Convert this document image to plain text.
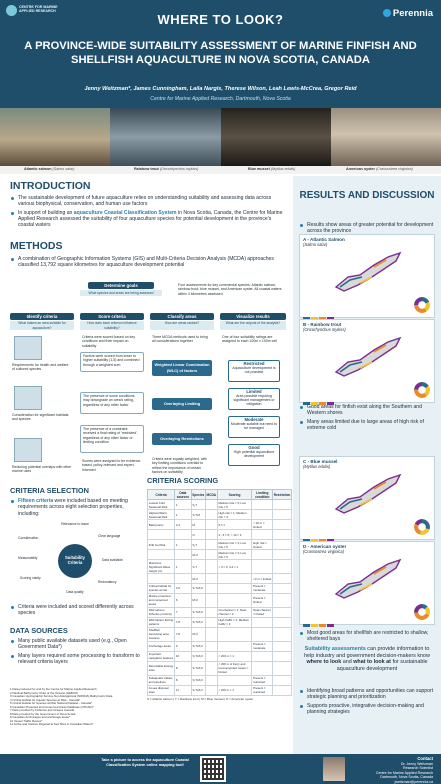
CENTRE FOR MARINE APPLIED RESEARCH
WHERE TO LOOK?	Perennia
A PROVINCE-WIDE SUITABILITY ASSESSMENT OF MARINE FINFISH AND SHELLFISH AQUACULTURE IN NOVA SCOTIA, CANADA
Jenny Weitzman*, James Cunningham, Laila Nargis, Therese Wilson, Leah Lewis-McCrea, Gregor Reid
Centre for Marine Applied Research, Dartmouth, Nova Scotia
Atlantic salmon (Salmo salar)	Rainbow trout (Oncorhynchus mykiss)	Blue mussel (Mytilus edulis)	American oyster (Crassostrea virginica)
INTRODUCTION
The sustainable development of future aquaculture relies on understanding suitability and assessing data across various biophysical, conservation, and human use factors
In support of building an aquaculture Coastal Classification System in Nova Scotia, Canada, the Centre for Marine Applied Research assessed the suitability of four aquaculture species for potential development in the province's coastal waters
METHODS
A combination of Geographic Information Systems (GIS) and Multi-Criteria Decision Analysis (MCDA) approaches classified 13,792 square kilometres for aquaculture development potential
Determine goals
What species and areas are being assessed
Four assessments for key commercial species: Atlantic salmon, rainbow trout, blue mussel, and American oyster. All coastal waters within 3 kilometres assessed
Identify criteria
What makes an area suitable for aquaculture?
Score criteria
How does each criterion influence suitability?
Classify areas
How are areas ranked?
Visualize results
What are the outputs of the analysis?
Requirements for health and welfare of cultured species
Consideration for significant habitats and species
Reducing potential overlaps with other marine uses
Criteria were scored based on key conditions and their impact on suitability
Factors were scored from lower to higher suitability (1-5) and combined through a weighted sum
The presence of some conditions may downgrade an area's rating, regardless of any other factor
The presence of a constraint received a final rating of 'restricted', regardless of any other factor or limiting condition
Scores were assigned to be evidence-based, policy-relevant and expert-informed
Three MCDA methods used to bring all considerations together
Weighted Linear Combination (WLC) of factors
Overlaying Limiting Conditions
Overlaying Restrictions
Criteria were equally weighted, with key limiting conditions overlaid to reflect the importance of certain factors on suitability
One of four suitability ratings are assigned to each 100m x 100m cell
Restricted
Aquaculture development is not possible
Limited
Area possible requiring significant management or mitigation
Moderate
Moderate suitable but need to be managed
Good
High potential aquaculture development
CRITERIA SELECTION
Fifteen criteria were included based on meeting requirements across eight selection properties, including:
Suitability Criteria
Relevance to issue
Clear language
Data available
Measurability
Scoring clarity
Redundancy
Data quality
Consideration
Criteria were included and scored differently across species
DATA SOURCES
Many public available datasets used (e.g., Open Government Data*)
Many layers required some processing to transform to relevant criteria layers
1 Data produced for and by the Centre for Marine Applied Research
2 Nautical Bathymetry Chart of the Oceans (GEBCO)
3 Canadian Hydrographic Service Non-Navigational (NONNA) Bathymetric Data
4 Critical Habitat for Aquatic Species at Risk - Canada*
5 Critical Habitat for Species at Risk National Dataset - Canada*
6 Canadian Protected and Conserved Areas Database (CPCAD)*
7 Data provided by Fisheries and Oceans Canada
8 Data provided by the Government of Nova Scotia
9 Canadian Anchorages and anchorage areas*
10 Vessel Traffic Routes*
11 Active and Inactive Disposal at Sea Sites in Canadian Waters*
CRITERIA SCORING
Criteria	Data sources	Species	MCDA	Scoring	Limiting condition	Restriction
Lowest Cold Seasonal Risk	1	S,T		Medium risk = 3; Low risk = 5		
Highest Warm Seasonal Risk	1	S,T,M		High risk = 1; Medium risk = 3		
Bathymetry	2,3	M		5,7,1	< 10 m = limited	
		O		4 - 5 = 5; > 10 = 3		
Drift Ice Risk	1	S,T		Medium risk = 3; Low risk = 5	High risk = limited	
		M,O		Medium risk = 3; Low risk = 5		
Maximum Significant Wave Height (m)	1	S,T		> 3 = 3; 3-4 = 1		
		M,O			<3 m = limited	
Critical habitat for species at risk	4,5	S,T,M,O			Present = moderate	
Marine protected and conserved areas	6	M,O			Present = limited	
Wild salmon fisheries proximity	7	S,T,M,O		On-channel = 1; Near-channel = 3	Near-channel = limited	
Wild lobster fishing patterns	7,8	S,T,M,O		High traffic = 1; Medium traffic = 3		
Shellfish harvesting area closures	7,8	M,O				
Anchorage areas	9	S,T,M,O			Present = moderate	
Important navigation features	10	S,T,M,O		< 200 m = 1		
Renewable Energy sites	8	S,T,M,O		< 200 m of Ferry and recommended routes = limited		
Subaquatic cables and pipelines	8	S,T,M,O			Present = restricted	
At-sea disposal sites	11	S,T,M,O		< 200 m = 1	Present = restricted	
S = Atlantic salmon | T = Rainbow trout | M = Blue mussel | O = American oyster
RESULTS AND DISCUSSION
Results show areas of greater potential for development across the province
A - Atlantic Salmon
(Salmo salar)
B - Rainbow trout
(Oncorhynchus mykiss)
C - Blue mussel
(Mytilus edulis)
D - American oyster
(Crassostrea virginica)
Good areas for finfish exist along the Southern and Western shores
Many areas limited due to large areas of high risk of extreme cold
Most good areas for shellfish are restricted to shallow, sheltered bays
Suitability assessments can provide information to help industry and government decision-makers know where to look and what to look at for sustainable aquaculture development
Identifying broad patterns and opportunities can support strategic planning and prioritization
Supports proactive, integrative decision-making and planning strategies
Take a picture to access the aquaculture Coastal Classification System online mapping tool!
Contact
Dr. Jenny Weitzman
Research Scientist
Centre for Marine Applied Research
Dartmouth, Nova Scotia, Canada
jweitzman@perennia.ca
